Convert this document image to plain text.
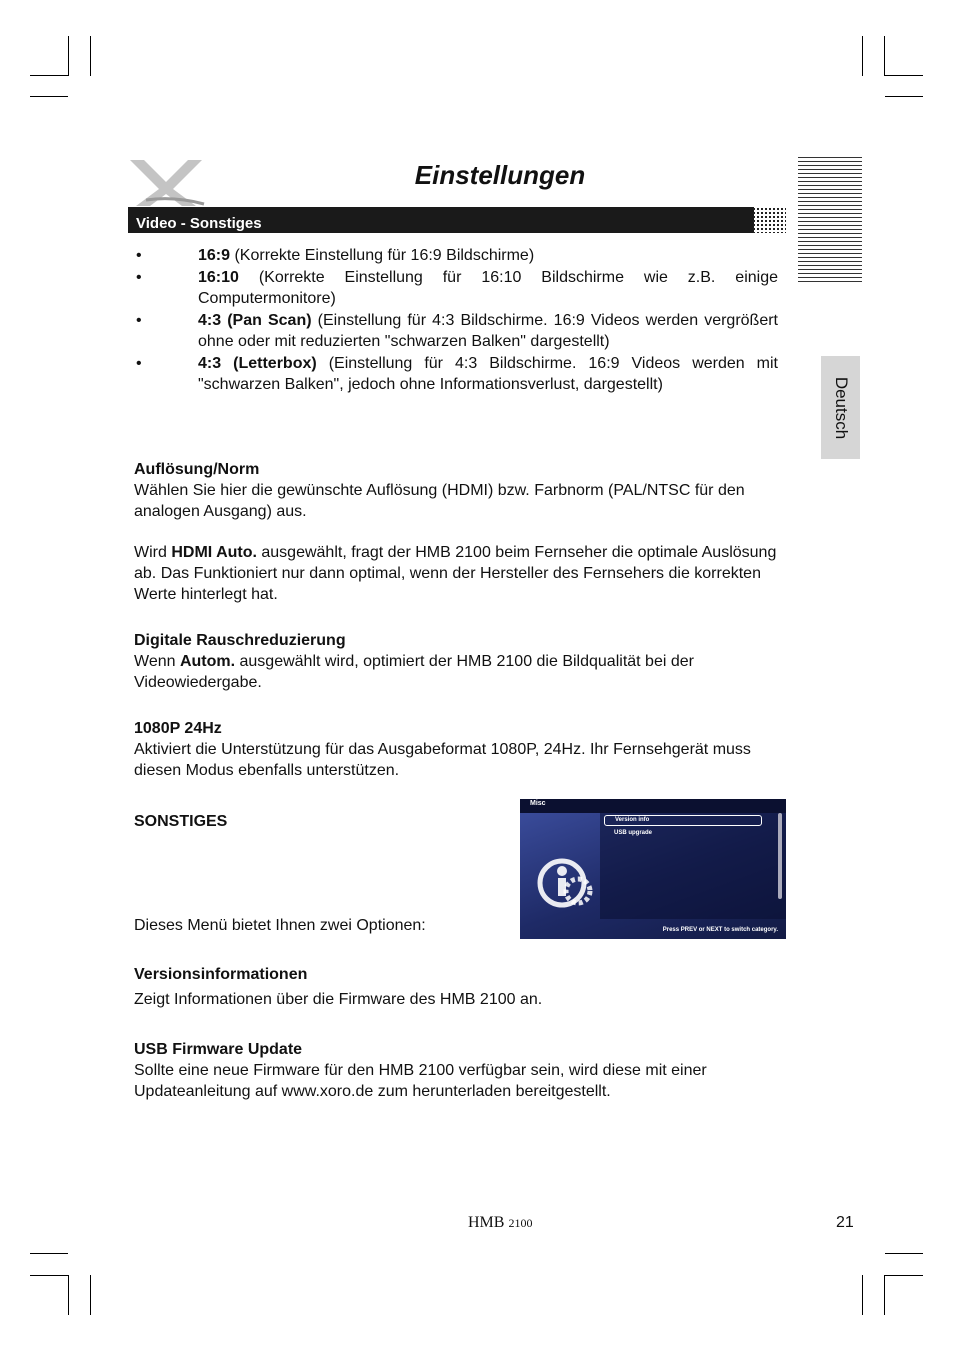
Einstellungen
Deutsch
Video - Sonstiges
•	16:9 (Korrekte Einstellung für 16:9 Bildschirme)
•	16:10 (Korrekte Einstellung für 16:10 Bildschirme wie z.B. einige Computermonitore)
•	4:3 (Pan Scan) (Einstellung für 4:3 Bildschirme. 16:9 Videos werden vergrößert ohne oder mit reduzierten "schwarzen Balken" dargestellt)
•	4:3 (Letterbox) (Einstellung für 4:3 Bildschirme. 16:9 Videos werden mit "schwarzen Balken", jedoch ohne Informationsverlust, dargestellt)
Auflösung/Norm
Wählen Sie hier die gewünschte Auflösung (HDMI) bzw. Farbnorm (PAL/NTSC für den analogen Ausgang) aus.
Wird HDMI Auto. ausgewählt, fragt der HMB 2100 beim Fernseher die optimale Auslösung ab. Das Funktioniert nur dann optimal, wenn der Hersteller des Fernsehers die korrekten Werte hinterlegt hat.
Digitale Rauschreduzierung
Wenn Autom. ausgewählt wird, optimiert der HMB 2100 die Bildqualität bei der Videowiedergabe.
1080P 24Hz
Aktiviert die Unterstützung für das Ausgabeformat 1080P, 24Hz. Ihr Fernsehgerät muss diesen Modus ebenfalls unterstützen.
SONSTIGES
Dieses Menü bietet Ihnen zwei Optionen:
Misc
Version info
USB upgrade
Press PREV or NEXT to switch category.
Versionsinformationen
Zeigt Informationen über die Firmware des HMB 2100 an.
USB Firmware Update
Sollte eine neue Firmware für den HMB 2100 verfügbar sein, wird diese mit einer Updateanleitung auf www.xoro.de zum herunterladen bereitgestellt.
HMB 2100	21
